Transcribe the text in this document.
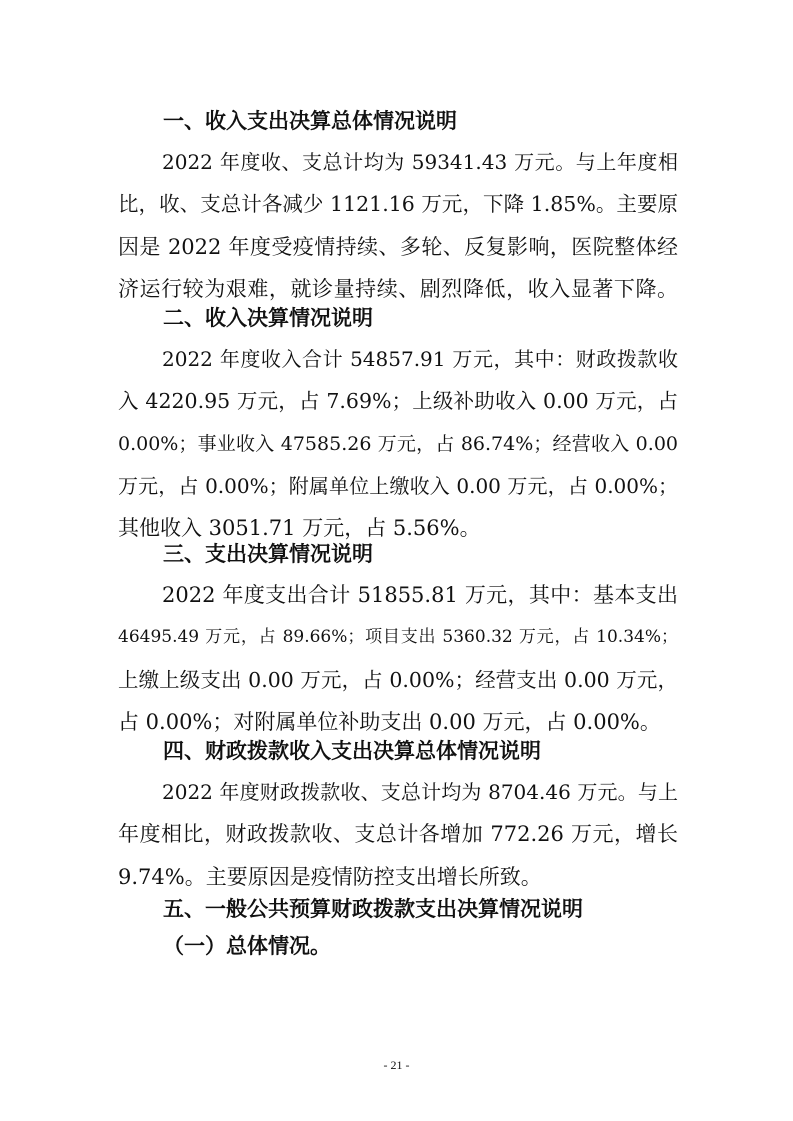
一、收入支出决算总体情况说明
2022 年度收、支总计均为 59341.43 万元。与上年度相
比，收、支总计各减少 1121.16 万元，下降 1.85%。主要原
因是 2022 年度受疫情持续、多轮、反复影响，医院整体经
济运行较为艰难，就诊量持续、剧烈降低，收入显著下降。
二、收入决算情况说明
2022 年度收入合计 54857.91 万元，其中：财政拨款收
入 4220.95 万元，占 7.69%；上级补助收入 0.00 万元，占
0.00%；事业收入 47585.26 万元，占 86.74%；经营收入 0.00
万元，占 0.00%；附属单位上缴收入 0.00 万元，占 0.00%；
其他收入 3051.71 万元，占 5.56%。
三、支出决算情况说明
2022 年度支出合计 51855.81 万元，其中：基本支出
46495.49 万元，占 89.66%；项目支出 5360.32 万元，占 10.34%；
上缴上级支出 0.00 万元，占 0.00%；经营支出 0.00 万元，
占 0.00%；对附属单位补助支出 0.00 万元，占 0.00%。
四、财政拨款收入支出决算总体情况说明
2022 年度财政拨款收、支总计均为 8704.46 万元。与上
年度相比，财政拨款收、支总计各增加 772.26 万元，增长
9.74%。主要原因是疫情防控支出增长所致。
五、一般公共预算财政拨款支出决算情况说明
（一）总体情况。
- 21 -
